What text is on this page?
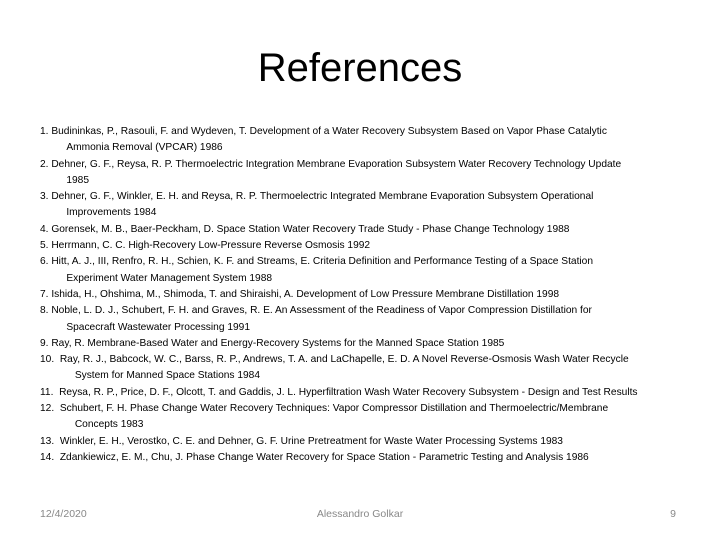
References
1. Budininkas, P., Rasouli, F. and Wydeven, T. Development of a Water Recovery Subsystem Based on Vapor Phase Catalytic
Ammonia Removal (VPCAR) 1986
2. Dehner, G. F., Reysa, R. P. Thermoelectric Integration Membrane Evaporation Subsystem Water Recovery Technology Update
1985
3. Dehner, G. F., Winkler, E. H. and Reysa, R. P. Thermoelectric Integrated Membrane Evaporation Subsystem Operational
Improvements 1984
4. Gorensek, M. B., Baer-Peckham, D. Space Station Water Recovery Trade Study - Phase Change Technology 1988
5. Herrmann, C. C. High-Recovery Low-Pressure Reverse Osmosis 1992
6. Hitt, A. J., III, Renfro, R. H., Schien, K. F. and Streams, E. Criteria Definition and Performance Testing of a Space Station
Experiment Water Management System 1988
7. Ishida, H., Ohshima, M., Shimoda, T. and Shiraishi, A. Development of Low Pressure Membrane Distillation 1998
8. Noble, L. D. J., Schubert, F. H. and Graves, R. E. An Assessment of the Readiness of Vapor Compression Distillation for
Spacecraft Wastewater Processing 1991
9. Ray, R. Membrane-Based Water and Energy-Recovery Systems for the Manned Space Station 1985
10. Ray, R. J., Babcock, W. C., Barss, R. P., Andrews, T. A. and LaChapelle, E. D. A Novel Reverse-Osmosis Wash Water Recycle
System for Manned Space Stations 1984
11. Reysa, R. P., Price, D. F., Olcott, T. and Gaddis, J. L. Hyperfiltration Wash Water Recovery Subsystem - Design and Test Results
12. Schubert, F. H. Phase Change Water Recovery Techniques: Vapor Compressor Distillation and Thermoelectric/Membrane
Concepts 1983
13. Winkler, E. H., Verostko, C. E. and Dehner, G. F. Urine Pretreatment for Waste Water Processing Systems 1983
14. Zdankiewicz, E. M., Chu, J. Phase Change Water Recovery for Space Station - Parametric Testing and Analysis 1986
12/4/2020	Alessandro Golkar	9
